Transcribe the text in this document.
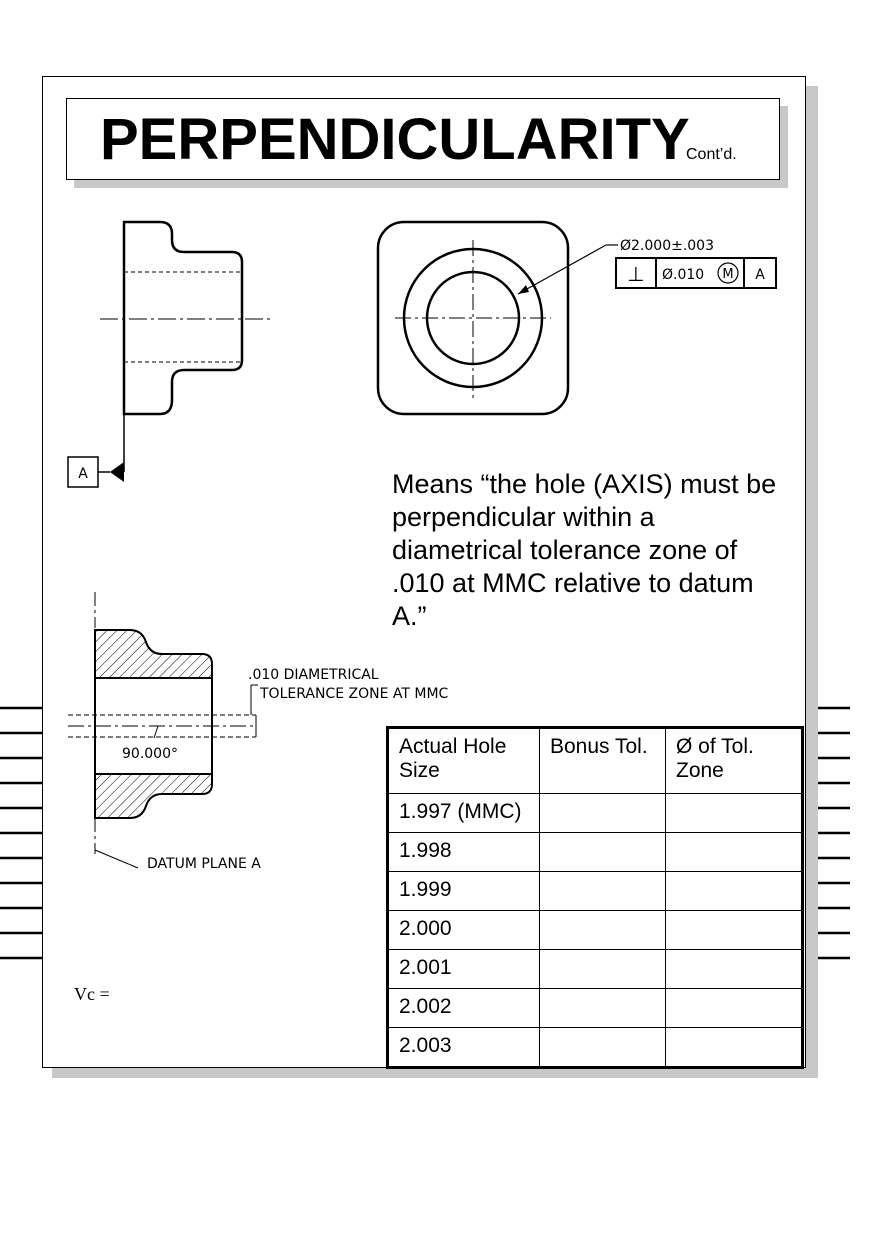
PERPENDICULARITY
Cont’d.
A
Ø2.000±.003
⊥ Ø.010 M A
Means “the hole (AXIS) must be perpendicular within a diametrical tolerance zone of .010 at MMC relative to datum A.”
.010 DIAMETRICAL
TOLERANCE ZONE AT MMC
90.000°
DATUM PLANE A
Vc =
Actual Hole Size	Bonus Tol.	Ø of Tol. Zone
1.997 (MMC)		
1.998		
1.999		
2.000		
2.001		
2.002		
2.003		
